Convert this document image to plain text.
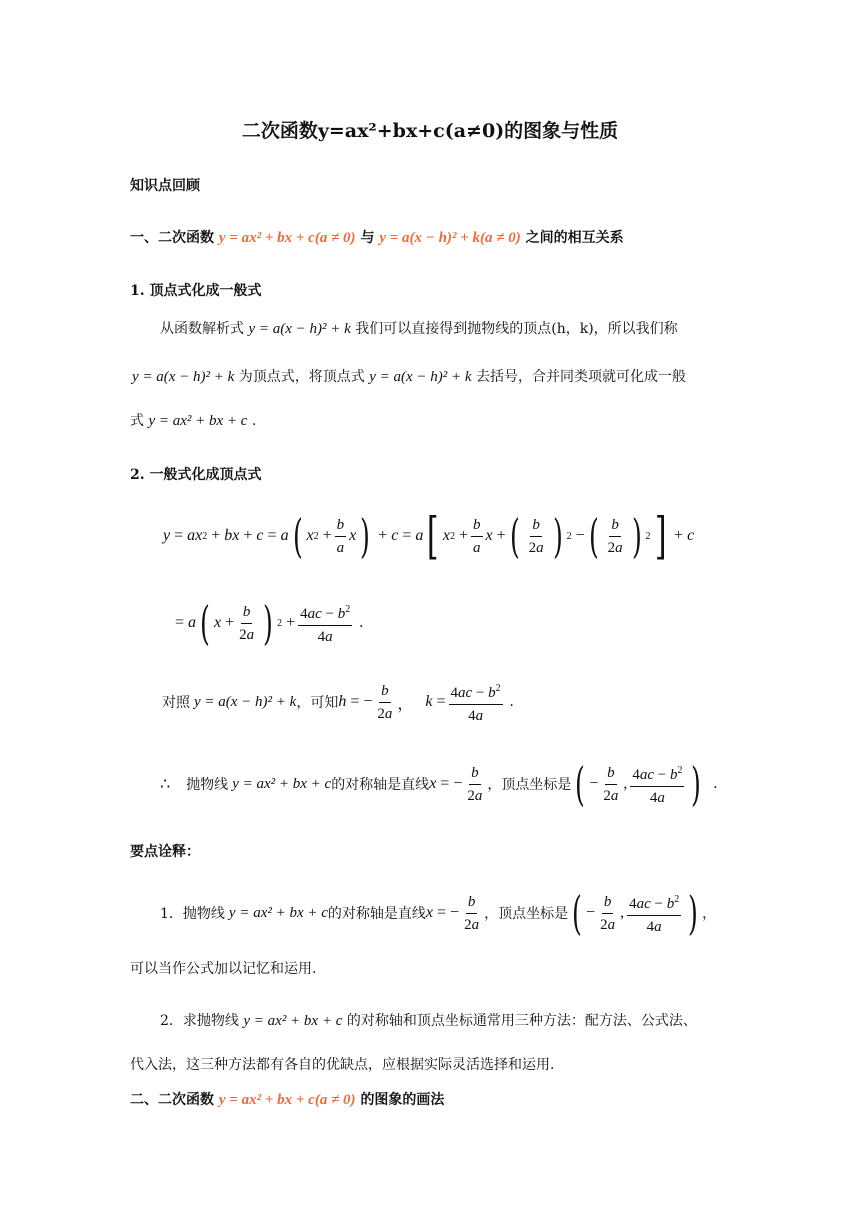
二次函数y=ax²+bx+c(a≠0)的图象与性质
知识点回顾
一、二次函数 y = ax² + bx + c(a ≠ 0) 与 y = a(x − h)² + k(a ≠ 0) 之间的相互关系
1. 顶点式化成一般式
从函数解析式 y = a(x − h)² + k 我们可以直接得到抛物线的顶点(h，k)，所以我们称
y = a(x − h)² + k 为顶点式，将顶点式 y = a(x − h)² + k 去括号，合并同类项就可化成一般
式 y = ax² + bx + c .
2. 一般式化成顶点式
y = ax 2 + bx + c = a ( x $2 + \frac{b}{a}$ x ) + c = a [ x $2 + \frac{b}{a}$ x + ( $\frac{b}{2a}$ ) 2 − ( $\frac{b}{2a}$ ) 2 ] + c
= a ( $x + \frac{b}{2a}$ ) $2 + \frac{4ac - b^2}{4a}$ .
对照
y = a(x − h)² + k ，可知 h = − $\frac{b}{2a}$ ， $k = \frac{4ac - b^2}{4a}$ .
∴
抛物线
y = ax² + bx + c 的对称轴是直线 x = − $\frac{b}{2a}$ ，顶点坐标是 ( − $\frac{b}{2a}$ , $\frac{4ac - b^2}{4a}$ ) .
要点诠释：
1．抛物线
y = ax² + bx + c 的对称轴是直线 x = − $\frac{b}{2a}$ ，顶点坐标是 ( − $\frac{b}{2a}$ , $\frac{4ac - b^2}{4a}$ ) ，
可以当作公式加以记忆和运用.
2．求抛物线 y = ax² + bx + c 的对称轴和顶点坐标通常用三种方法：配方法、公式法、
代入法，这三种方法都有各自的优缺点，应根据实际灵活选择和运用.
二、二次函数 y = ax² + bx + c(a ≠ 0) 的图象的画法
